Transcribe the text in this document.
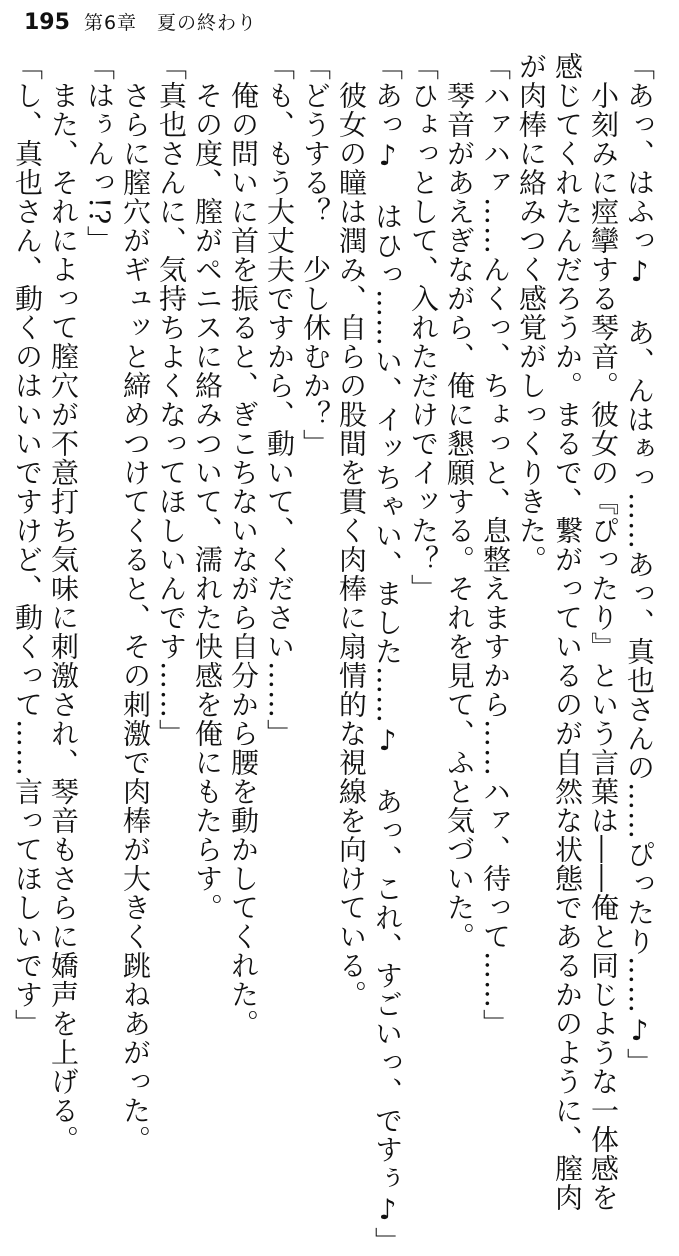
195 第6章　夏の終わり
「あっ、はふっ♪　あ、んはぁっ……あっ、真也さんの……ぴったり……♪」
　小刻みに痙攣する琴音。彼女の『ぴったり』という言葉は――俺と同じような一体感を
感じてくれたんだろうか。まるで、繋がっているのが自然な状態であるかのように、膣肉
が肉棒に絡みつく感覚がしっくりきた。
「ハァハァ……んくっ、ちょっと、息整えますから……ハァ、待って……」
　琴音があえぎながら、俺に懇願する。それを見て、ふと気づいた。
「ひょっとして、入れただけでイッた？」
「あっ♪　はひっ……い、イッちゃい、ました……♪　あっ、これ、すごいっ、ですぅ♪」
　彼女の瞳は潤み、自らの股間を貫く肉棒に扇情的な視線を向けている。
「どうする？　少し休むか？」
「も、もう大丈夫ですから、動いて、ください……」
　俺の問いに首を振ると、ぎこちないながら自分から腰を動かしてくれた。
　その度、膣がペニスに絡みついて、濡れた快感を俺にもたらす。
「真也さんに、気持ちよくなってほしいんです……」
　さらに膣穴がギュッと締めつけてくると、その刺激で肉棒が大きく跳ねあがった。
「はぅんっ!?」
　また、それによって膣穴が不意打ち気味に刺激され、琴音もさらに嬌声を上げる。
「し、真也さん、動くのはいいですけど、動くって……言ってほしいです」
